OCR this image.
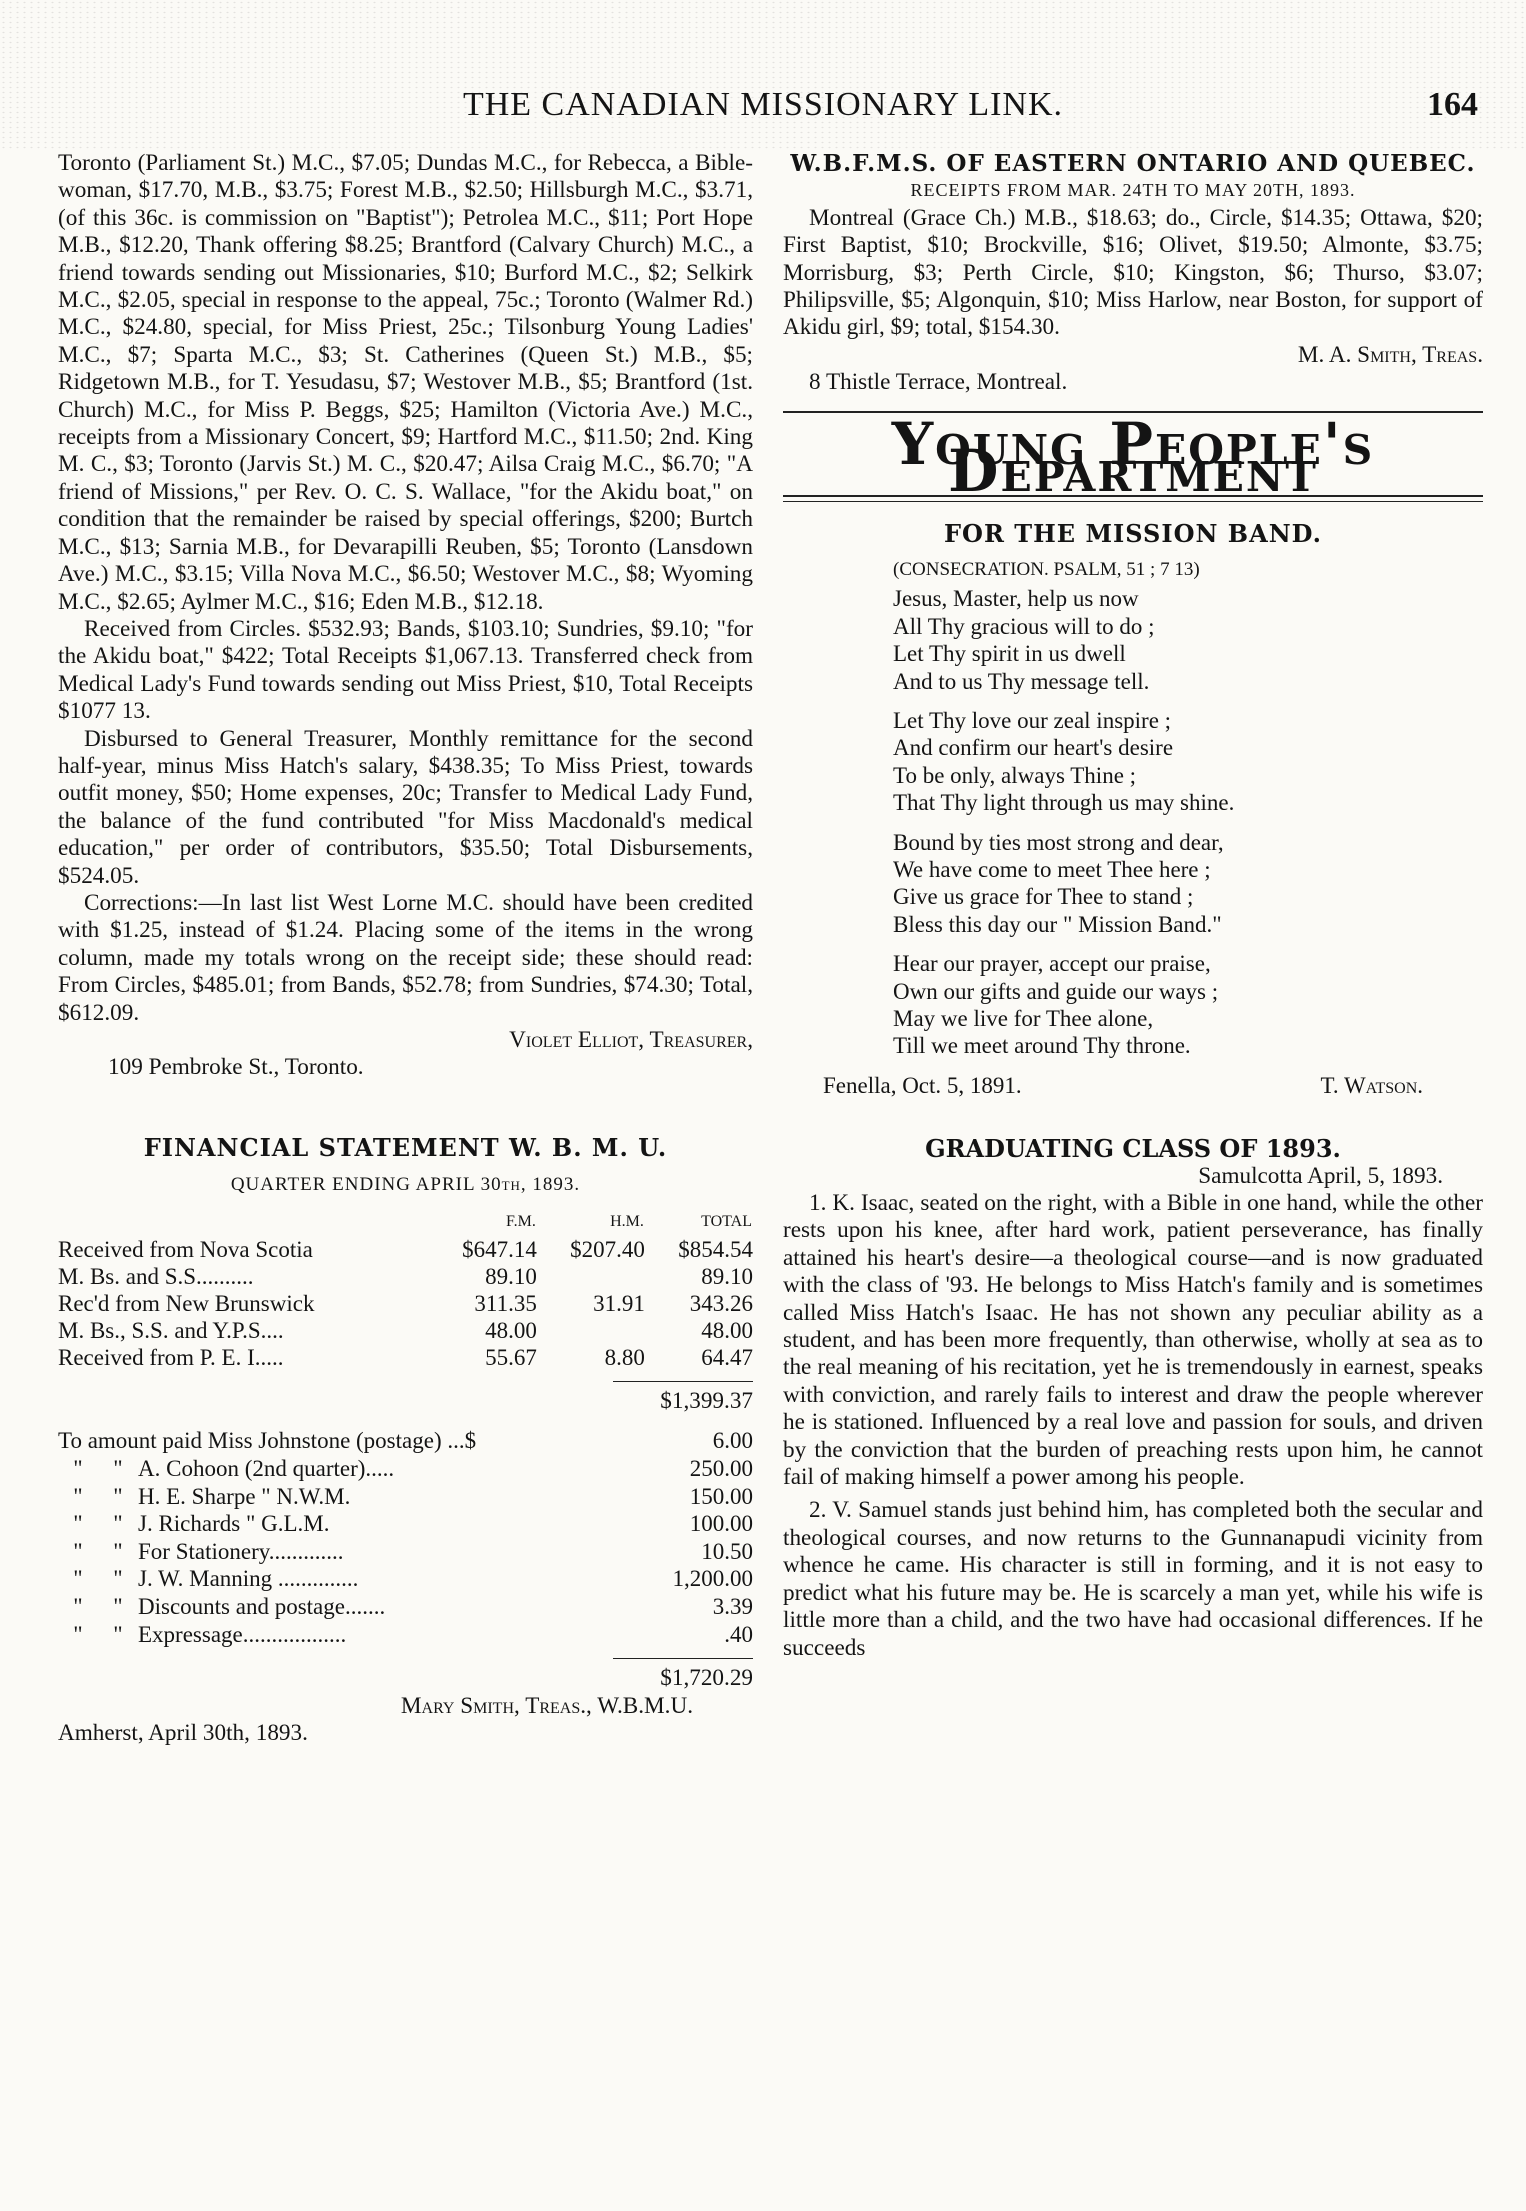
THE CANADIAN MISSIONARY LINK.	164

Toronto (Parliament St.) M.C., $7.05; Dundas M.C., for Rebecca, a Bible-woman, $17.70, M.B., $3.75; Forest M.B., $2.50; Hillsburgh M.C., $3.71, (of this 36c. is commission on "Baptist"); Petrolea M.C., $11; Port Hope M.B., $12.20, Thank offering $8.25; Brantford (Calvary Church) M.C., a friend towards sending out Missionaries, $10; Burford M.C., $2; Selkirk M.C., $2.05, special in response to the appeal, 75c.; Toronto (Walmer Rd.) M.C., $24.80, special, for Miss Priest, 25c.; Tilsonburg Young Ladies' M.C., $7; Sparta M.C., $3; St. Catherines (Queen St.) M.B., $5; Ridgetown M.B., for T. Yesudasu, $7; Westover M.B., $5; Brantford (1st. Church) M.C., for Miss P. Beggs, $25; Hamilton (Victoria Ave.) M.C., receipts from a Missionary Concert, $9; Hartford M.C., $11.50; 2nd. King M. C., $3; Toronto (Jarvis St.) M. C., $20.47; Ailsa Craig M.C., $6.70; "A friend of Missions," per Rev. O. C. S. Wallace, "for the Akidu boat," on condition that the remainder be raised by special offerings, $200; Burtch M.C., $13; Sarnia M.B., for Devarapilli Reuben, $5; Toronto (Lansdown Ave.) M.C., $3.15; Villa Nova M.C., $6.50; Westover M.C., $8; Wyoming M.C., $2.65; Aylmer M.C., $16; Eden M.B., $12.18.

Received from Circles. $532.93; Bands, $103.10; Sundries, $9.10; "for the Akidu boat," $422; Total Receipts $1,067.13. Transferred check from Medical Lady's Fund towards sending out Miss Priest, $10, Total Receipts $1077 13.

Disbursed to General Treasurer, Monthly remittance for the second half-year, minus Miss Hatch's salary, $438.35; To Miss Priest, towards outfit money, $50; Home expenses, 20c; Transfer to Medical Lady Fund, the balance of the fund contributed "for Miss Macdonald's medical education," per order of contributors, $35.50; Total Disbursements, $524.05.

Corrections:—In last list West Lorne M.C. should have been credited with $1.25, instead of $1.24. Placing some of the items in the wrong column, made my totals wrong on the receipt side; these should read: From Circles, $485.01; from Bands, $52.78; from Sundries, $74.30; Total, $612.09.

Violet Elliot, Treasurer,

109 Pembroke St., Toronto.

FINANCIAL STATEMENT W. B. M. U.
QUARTER ENDING APRIL 30th, 1893.
	F.M.	H.M.	TOTAL
Received from Nova Scotia	$647.14	$207.40	$854.54
M. Bs. and S.S..........	89.10		89.10
Rec'd from New Brunswick	311.35	31.91	343.26
M. Bs., S.S. and Y.P.S....	48.00		48.00
Received from P. E. I.....	55.67	8.80	64.47
$1,399.37
To amount paid Miss Johnstone (postage) ...$			6.00
"	"	A. Cohoon (2nd quarter).....	250.00
"	"	H. E. Sharpe " N.W.M.	150.00
"	"	J. Richards " G.L.M.	100.00
"	"	For Stationery.............	10.50
"	"	J. W. Manning ..............	1,200.00
"	"	Discounts and postage.......	3.39
"	"	Expressage..................	.40
$1,720.29

Mary Smith, Treas., W.B.M.U.

Amherst, April 30th, 1893.

W.B.F.M.S. OF EASTERN ONTARIO AND QUEBEC.
RECEIPTS FROM MAR. 24TH TO MAY 20TH, 1893.

Montreal (Grace Ch.) M.B., $18.63; do., Circle, $14.35; Ottawa, $20; First Baptist, $10; Brockville, $16; Olivet, $19.50; Almonte, $3.75; Morrisburg, $3; Perth Circle, $10; Kingston, $6; Thurso, $3.07; Philipsville, $5; Algonquin, $10; Miss Harlow, near Boston, for support of Akidu girl, $9; total, $154.30.

M. A. Smith, Treas.

8 Thistle Terrace, Montreal.

Young People's Department
FOR THE MISSION BAND.
(CONSECRATION. PSALM, 51 ; 7 13)
Jesus, Master, help us now
All Thy gracious will to do ;
Let Thy spirit in us dwell
And to us Thy message tell.
Let Thy love our zeal inspire ;
And confirm our heart's desire
To be only, always Thine ;
That Thy light through us may shine.
Bound by ties most strong and dear,
We have come to meet Thee here ;
Give us grace for Thee to stand ;
Bless this day our " Mission Band."
Hear our prayer, accept our praise,
Own our gifts and guide our ways ;
May we live for Thee alone,
Till we meet around Thy throne.
Fenella, Oct. 5, 1891.	T. Watson.
GRADUATING CLASS OF 1893.

Samulcotta April, 5, 1893.

1. K. Isaac, seated on the right, with a Bible in one hand, while the other rests upon his knee, after hard work, patient perseverance, has finally attained his heart's desire—a theological course—and is now graduated with the class of '93. He belongs to Miss Hatch's family and is sometimes called Miss Hatch's Isaac. He has not shown any peculiar ability as a student, and has been more frequently, than otherwise, wholly at sea as to the real meaning of his recitation, yet he is tremendously in earnest, speaks with conviction, and rarely fails to interest and draw the people wherever he is stationed. Influenced by a real love and passion for souls, and driven by the conviction that the burden of preaching rests upon him, he cannot fail of making himself a power among his people.

2. V. Samuel stands just behind him, has completed both the secular and theological courses, and now returns to the Gunnanapudi vicinity from whence he came. His character is still in forming, and it is not easy to predict what his future may be. He is scarcely a man yet, while his wife is little more than a child, and the two have had occasional differences. If he succeeds
